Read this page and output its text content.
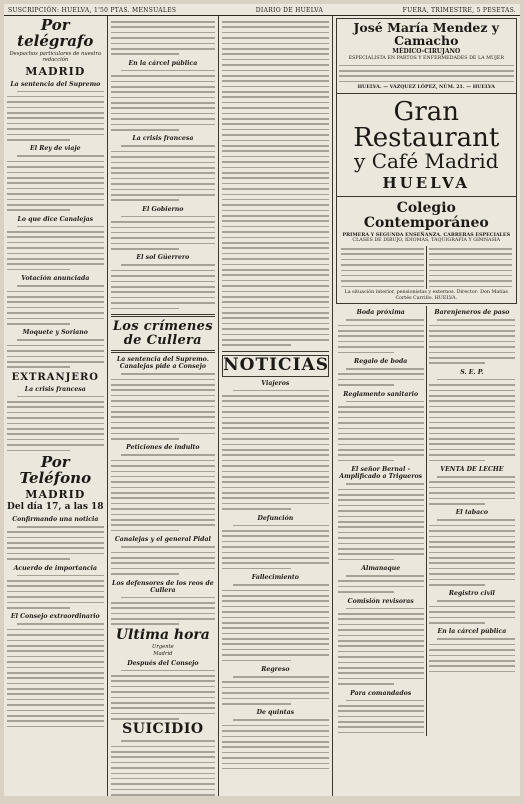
SUSCRIPCIÓN: HUELVA, 1'50 PTAS. MENSUALES	DIARIO DE HUELVA	FUERA, TRIMESTRE, 5 PESETAS.
Por telégrafo
Despachos particulares de nuestra redacción
MADRID
La sentencia del Supremo
El Rey de viaje
Lo que dice Canalejas
Votación anunciada
Moquete y Soriano
EXTRANJERO
La crisis francesa
Por Teléfono
MADRID
Del día 17, a las 18
Confirmando una noticia
Acuerdo de importancia
El Consejo extraordinario
En la cárcel pública
La crisis francesa
El Gobierno
El sol Güerrero
Los crímenes de Cullera
La sentencia del Supremo. Canalejas pide a Consejo
Peticiones de indulto
Canalejas y el general Pidal
Los defensores de los reos de Cullera
Ultima hora
Urgente
Madrid
Después del Consejo
SUICIDIO
NOTICIAS
Viajeros
Defunción
Fallecimiento
Regreso
De quintas
José María Mendez y Camacho
MÉDICO-CIRUJANO
ESPECIALISTA EN PARTOS Y ENFERMEDADES DE LA MUJER
HUELVA. — VÁZQUEZ LÓPEZ, NÚM. 21. — HUELVA
Gran Restaurant
y Café Madrid
HUELVA
Colegio Contemporáneo
PRIMERA Y SEGUNDA ENSEÑANZA. CARRERAS ESPECIALES
CLASES DE DIBUJO, IDIOMAS, TAQUIGRAFÍA Y GIMNASIA
La situación interior, pensionistas y externos. Director: Don Matías Cortés Carrillo. HUELVA.
Boda próxima
Regalo de boda
Reglamento sanitario
El señor Bernal - Amplificado a Trigueros
Almanaque
Comisión revisoras
Para comandados
Barenjeneros de paso
S. E. P.
VENTA DE LECHE
El tabaco
Registro civil
En la cárcel pública
